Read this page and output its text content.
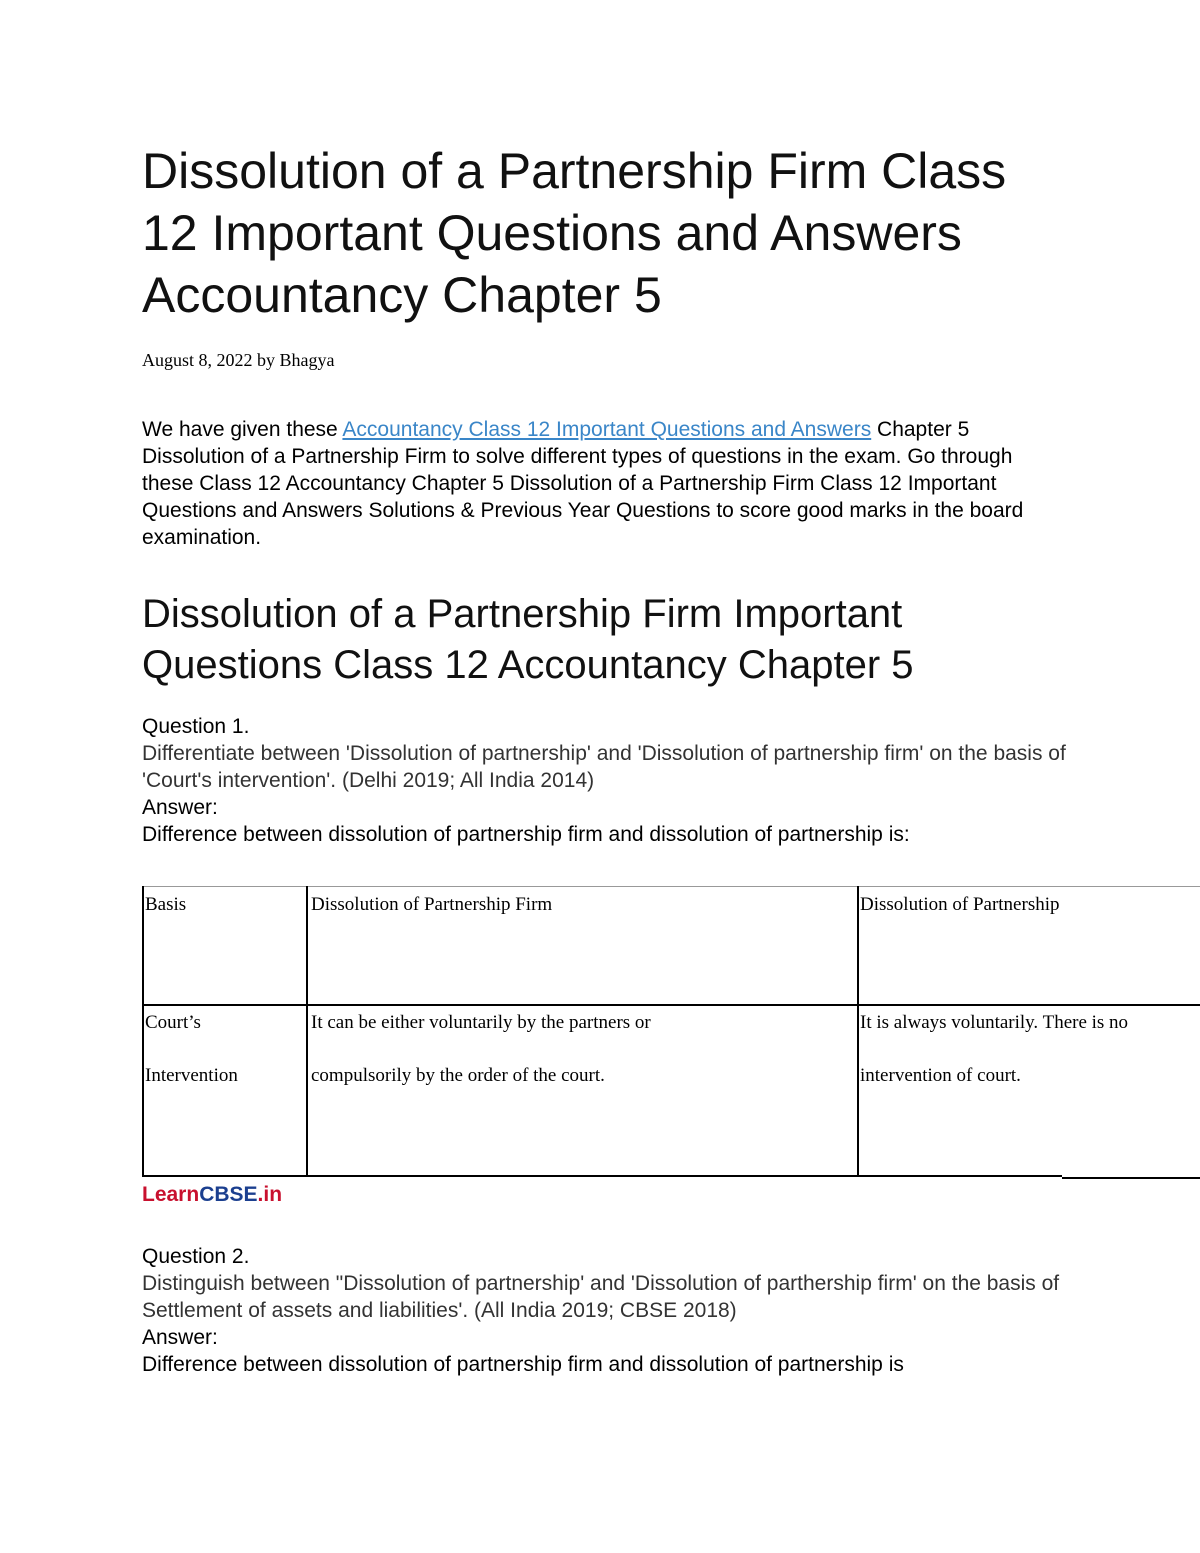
Dissolution of a Partnership Firm Class 12 Important Questions and Answers Accountancy Chapter 5
August 8, 2022 by Bhagya

We have given these Accountancy Class 12 Important Questions and Answers Chapter 5 Dissolution of a Partnership Firm to solve different types of questions in the exam. Go through these Class 12 Accountancy Chapter 5 Dissolution of a Partnership Firm Class 12 Important Questions and Answers Solutions & Previous Year Questions to score good marks in the board examination.

Dissolution of a Partnership Firm Important Questions Class 12 Accountancy Chapter 5

Question 1.

Differentiate between 'Dissolution of partnership' and 'Dissolution of partnership firm' on the basis of 'Court's intervention'. (Delhi 2019; All India 2014)

Answer:

Difference between dissolution of partnership firm and dissolution of partnership is:

Question 2.

Distinguish between "Dissolution of partnership' and 'Dissolution of parthership firm' on the basis of Settlement of assets and liabilities'. (All India 2019; CBSE 2018)

Answer:

Difference between dissolution of partnership firm and dissolution of partnership is

Basis	Dissolution of Partnership Firm	Dissolution of Partnership
Court’s
Intervention
It can be either voluntarily by the partners or
compulsorily by the order of the court.
It is always voluntarily. There is no
intervention of court.
LearnCBSE.in
